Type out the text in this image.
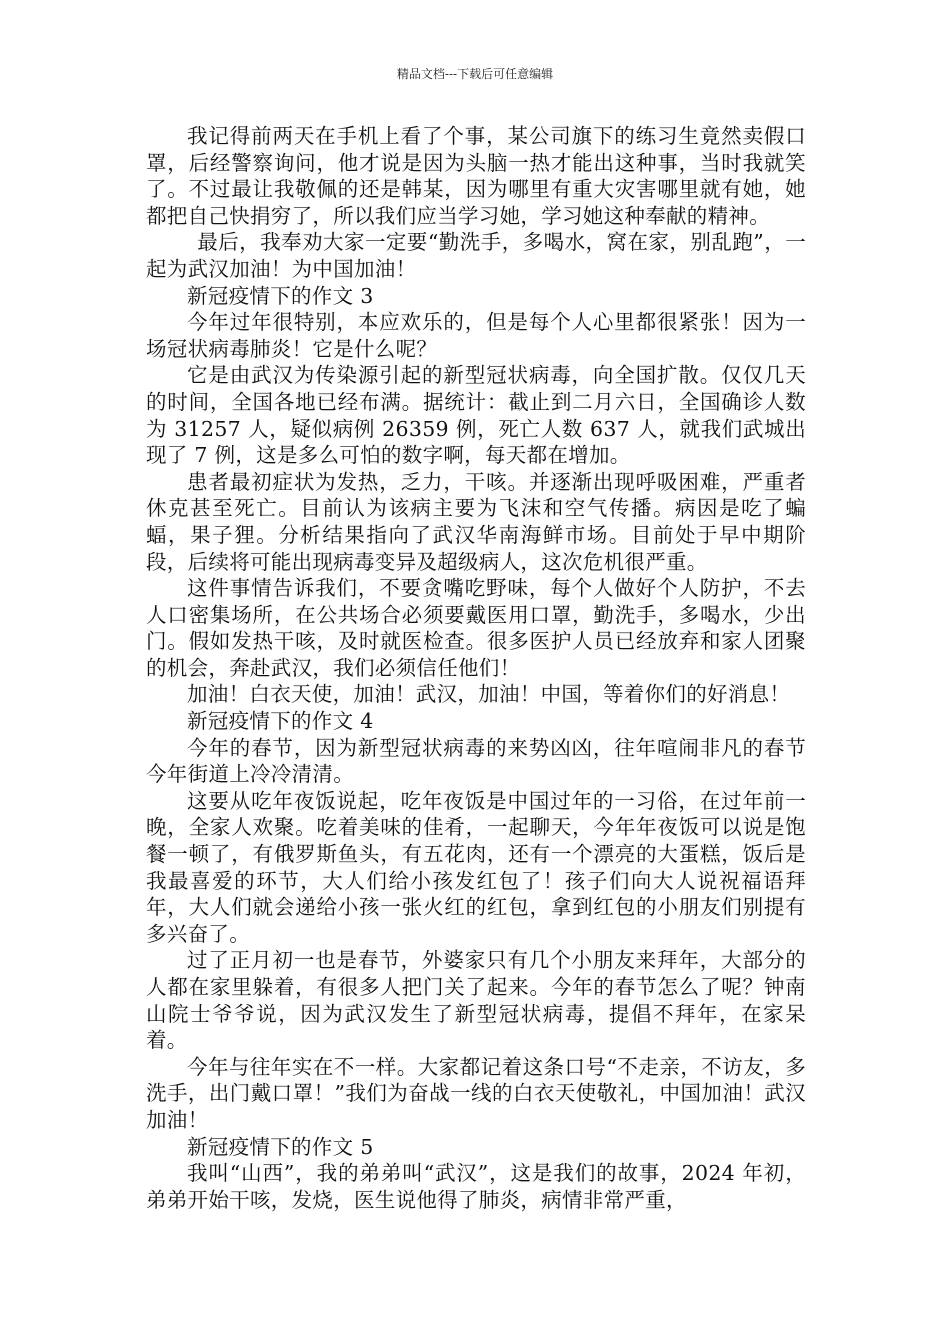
精品文档---下载后可任意编辑

我记得前两天在手机上看了个事，某公司旗下的练习生竟然卖假口罩，后经警察询问，他才说是因为头脑一热才能出这种事，当时我就笑了。不过最让我敬佩的还是韩某，因为哪里有重大灾害哪里就有她，她都把自己快捐穷了，所以我们应当学习她，学习她这种奉献的精神。

最后，我奉劝大家一定要“勤洗手，多喝水，窝在家，别乱跑”，一起为武汉加油！为中国加油！

新冠疫情下的作文 3

今年过年很特别，本应欢乐的，但是每个人心里都很紧张！因为一场冠状病毒肺炎！它是什么呢？

它是由武汉为传染源引起的新型冠状病毒，向全国扩散。仅仅几天的时间，全国各地已经布满。据统计：截止到二月六日，全国确诊人数为 31257 人，疑似病例 26359 例，死亡人数 637 人，就我们武城出现了 7 例，这是多么可怕的数字啊，每天都在增加。

患者最初症状为发热，乏力，干咳。并逐渐出现呼吸困难，严重者休克甚至死亡。目前认为该病主要为飞沫和空气传播。病因是吃了蝙蝠，果子狸。分析结果指向了武汉华南海鲜市场。目前处于早中期阶段，后续将可能出现病毒变异及超级病人，这次危机很严重。

这件事情告诉我们，不要贪嘴吃野味，每个人做好个人防护，不去人口密集场所，在公共场合必须要戴医用口罩，勤洗手，多喝水，少出门。假如发热干咳，及时就医检查。很多医护人员已经放弃和家人团聚的机会，奔赴武汉，我们必须信任他们！

加油！白衣天使，加油！武汉，加油！中国，等着你们的好消息！

新冠疫情下的作文 4

今年的春节，因为新型冠状病毒的来势凶凶，往年喧闹非凡的春节今年街道上冷冷清清。

这要从吃年夜饭说起，吃年夜饭是中国过年的一习俗，在过年前一晚，全家人欢聚。吃着美味的佳肴，一起聊天，今年年夜饭可以说是饱餐一顿了，有俄罗斯鱼头，有五花肉，还有一个漂亮的大蛋糕，饭后是我最喜爱的环节，大人们给小孩发红包了！孩子们向大人说祝福语拜年，大人们就会递给小孩一张火红的红包，拿到红包的小朋友们别提有多兴奋了。

过了正月初一也是春节，外婆家只有几个小朋友来拜年，大部分的人都在家里躲着，有很多人把门关了起来。今年的春节怎么了呢？钟南山院士爷爷说，因为武汉发生了新型冠状病毒，提倡不拜年，在家呆着。

今年与往年实在不一样。大家都记着这条口号“不走亲，不访友，多洗手，出门戴口罩！”我们为奋战一线的白衣天使敬礼，中国加油！武汉加油！

新冠疫情下的作文 5

我叫“山西”，我的弟弟叫“武汉”，这是我们的故事，2024 年初，弟弟开始干咳，发烧，医生说他得了肺炎，病情非常严重，
